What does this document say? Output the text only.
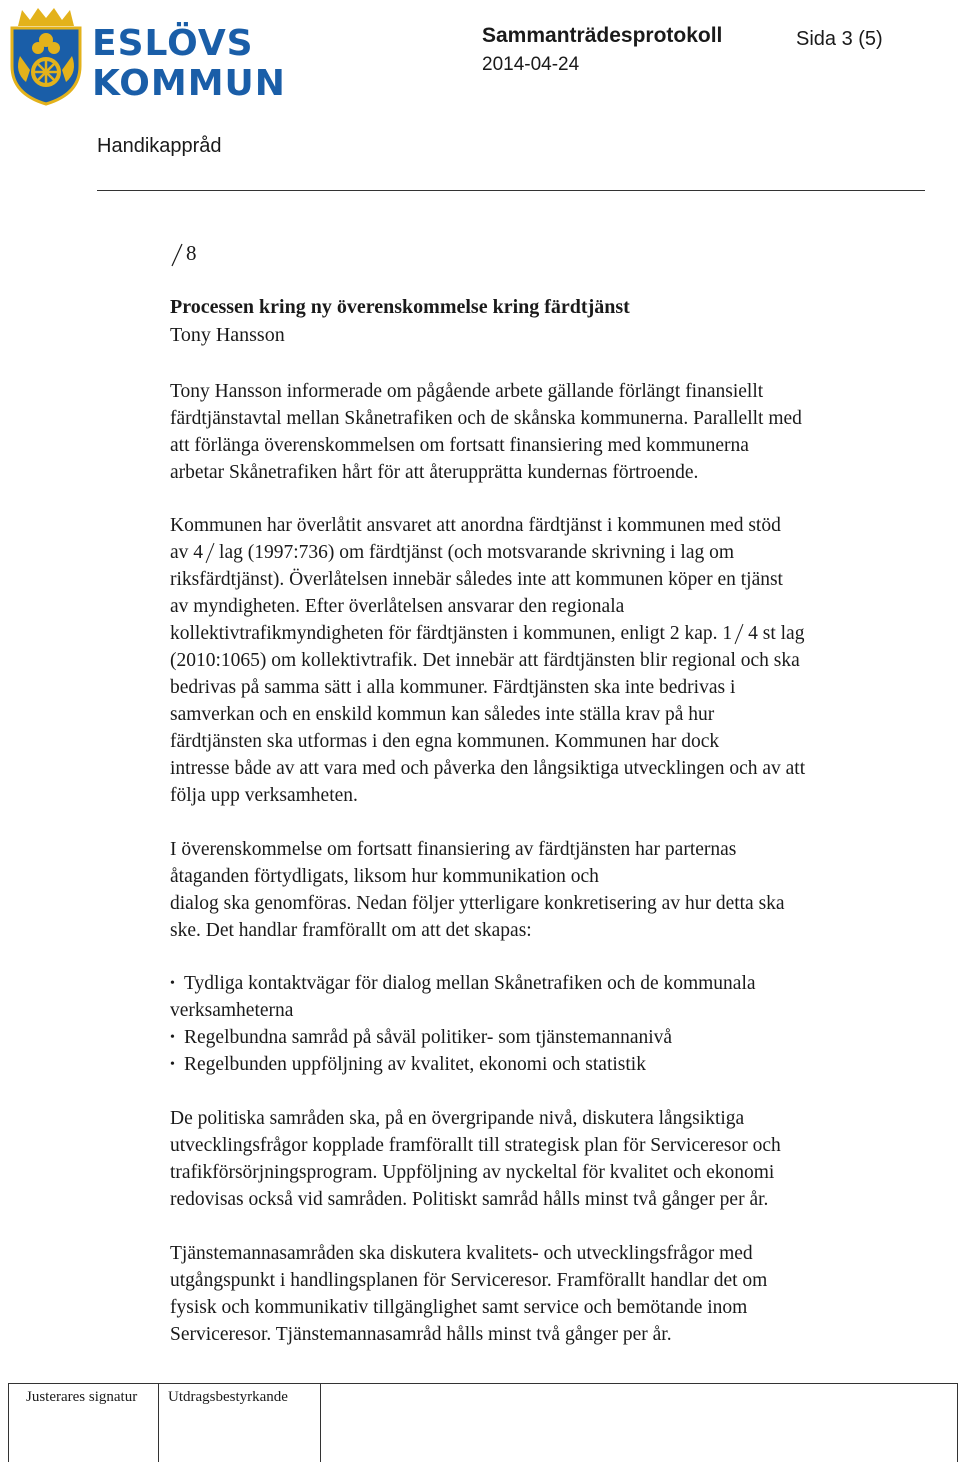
ESLÖVS
KOMMUN
Sammanträdesprotokoll	Sida 3 (5)
2014-04-24
Handikappråd
8
Processen kring ny överenskommelse kring färdtjänst
Tony Hansson
Tony Hansson informerade om pågående arbete gällande förlängt finansiellt
färdtjänstavtal mellan Skånetrafiken och de skånska kommunerna. Parallellt med
att förlänga överenskommelsen om fortsatt finansiering med kommunerna
arbetar Skånetrafiken hårt för att återupprätta kundernas förtroende.
Kommunen har överlåtit ansvaret att anordna färdtjänst i kommunen med stöd
av 4 lag (1997:736) om färdtjänst (och motsvarande skrivning i lag om
riksfärdtjänst). Överlåtelsen innebär således inte att kommunen köper en tjänst
av myndigheten. Efter överlåtelsen ansvarar den regionala
kollektivtrafikmyndigheten för färdtjänsten i kommunen, enligt 2 kap. 1 4 st lag
(2010:1065) om kollektivtrafik. Det innebär att färdtjänsten blir regional och ska
bedrivas på samma sätt i alla kommuner. Färdtjänsten ska inte bedrivas i
samverkan och en enskild kommun kan således inte ställa krav på hur
färdtjänsten ska utformas i den egna kommunen. Kommunen har dock
intresse både av att vara med och påverka den långsiktiga utvecklingen och av att
följa upp verksamheten.
I överenskommelse om fortsatt finansiering av färdtjänsten har parternas
åtaganden förtydligats, liksom hur kommunikation och
dialog ska genomföras. Nedan följer ytterligare konkretisering av hur detta ska
ske. Det handlar framförallt om att det skapas:
• Tydliga kontaktvägar för dialog mellan Skånetrafiken och de kommunala
verksamheterna
• Regelbundna samråd på såväl politiker- som tjänstemannanivå
• Regelbunden uppföljning av kvalitet, ekonomi och statistik
De politiska samråden ska, på en övergripande nivå, diskutera långsiktiga
utvecklingsfrågor kopplade framförallt till strategisk plan för Serviceresor och
trafikförsörjningsprogram. Uppföljning av nyckeltal för kvalitet och ekonomi
redovisas också vid samråden. Politiskt samråd hålls minst två gånger per år.
Tjänstemannasamråden ska diskutera kvalitets- och utvecklingsfrågor med
utgångspunkt i handlingsplanen för Serviceresor. Framförallt handlar det om
fysisk och kommunikativ tillgänglighet samt service och bemötande inom
Serviceresor. Tjänstemannasamråd hålls minst två gånger per år.
Justerares signatur Utdragsbestyrkande
